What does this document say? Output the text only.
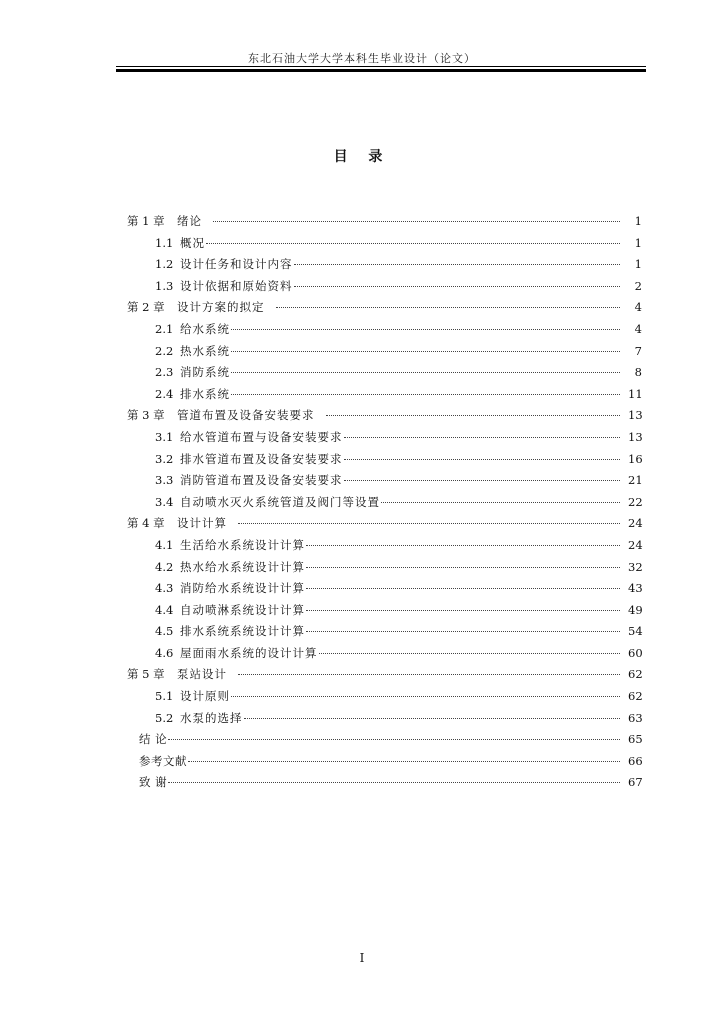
东北石油大学大学本科生毕业设计（论文）
目 录
第 1 章	绪论	1
1.1 概况	1
1.2 设计任务和设计内容	1
1.3 设计依据和原始资料	2
第 2 章	设计方案的拟定	4
2.1 给水系统	4
2.2 热水系统	7
2.3 消防系统	8
2.4 排水系统	11
第 3 章	管道布置及设备安装要求	13
3.1 给水管道布置与设备安装要求	13
3.2 排水管道布置及设备安装要求	16
3.3 消防管道布置及设备安装要求	21
3.4 自动喷水灭火系统管道及阀门等设置	22
第 4 章	设计计算	24
4.1 生活给水系统设计计算	24
4.2 热水给水系统设计计算	32
4.3 消防给水系统设计计算	43
4.4 自动喷淋系统设计计算	49
4.5 排水系统系统设计计算	54
4.6 屋面雨水系统的设计计算	60
第 5 章	泵站设计	62
5.1 设计原则	62
5.2 水泵的选择	63
结 论	65
参考文献	66
致 谢	67
I
